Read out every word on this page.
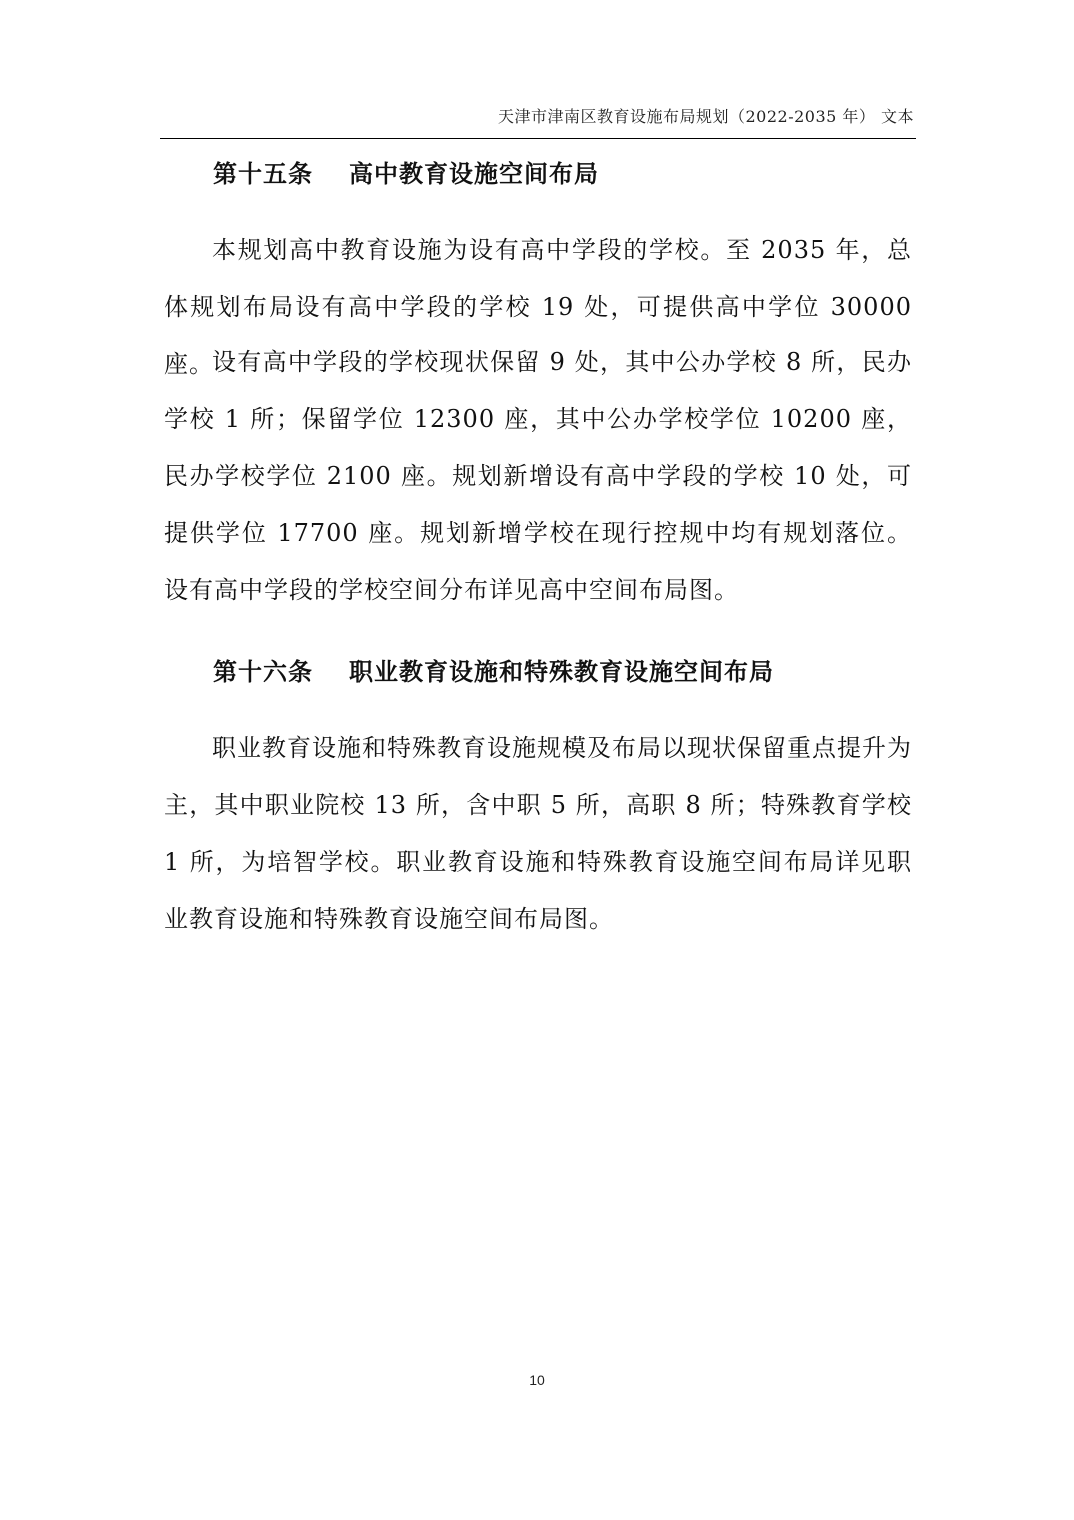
天津市津南区教育设施布局规划（2022-2035 年） 文本
第十五条 高中教育设施空间布局

本规划高中教育设施为设有高中学段的学校。至 2035 年，总体规划布局设有高中学段的学校 19 处，可提供高中学位 30000 座。

设有高中学段的学校现状保留 9 处，其中公办学校 8 所，民办学校 1 所；保留学位 12300 座，其中公办学校学位 10200 座，民办学校学位 2100 座。规划新增设有高中学段的学校 10 处，可提供学位 17700 座。规划新增学校在现行控规中均有规划落位。设有高中学段的学校空间分布详见高中空间布局图。

第十六条 职业教育设施和特殊教育设施空间布局

职业教育设施和特殊教育设施规模及布局以现状保留重点提升为主，其中职业院校 13 所，含中职 5 所，高职 8 所；特殊教育学校 1 所，为培智学校。职业教育设施和特殊教育设施空间布局详见职业教育设施和特殊教育设施空间布局图。

10
